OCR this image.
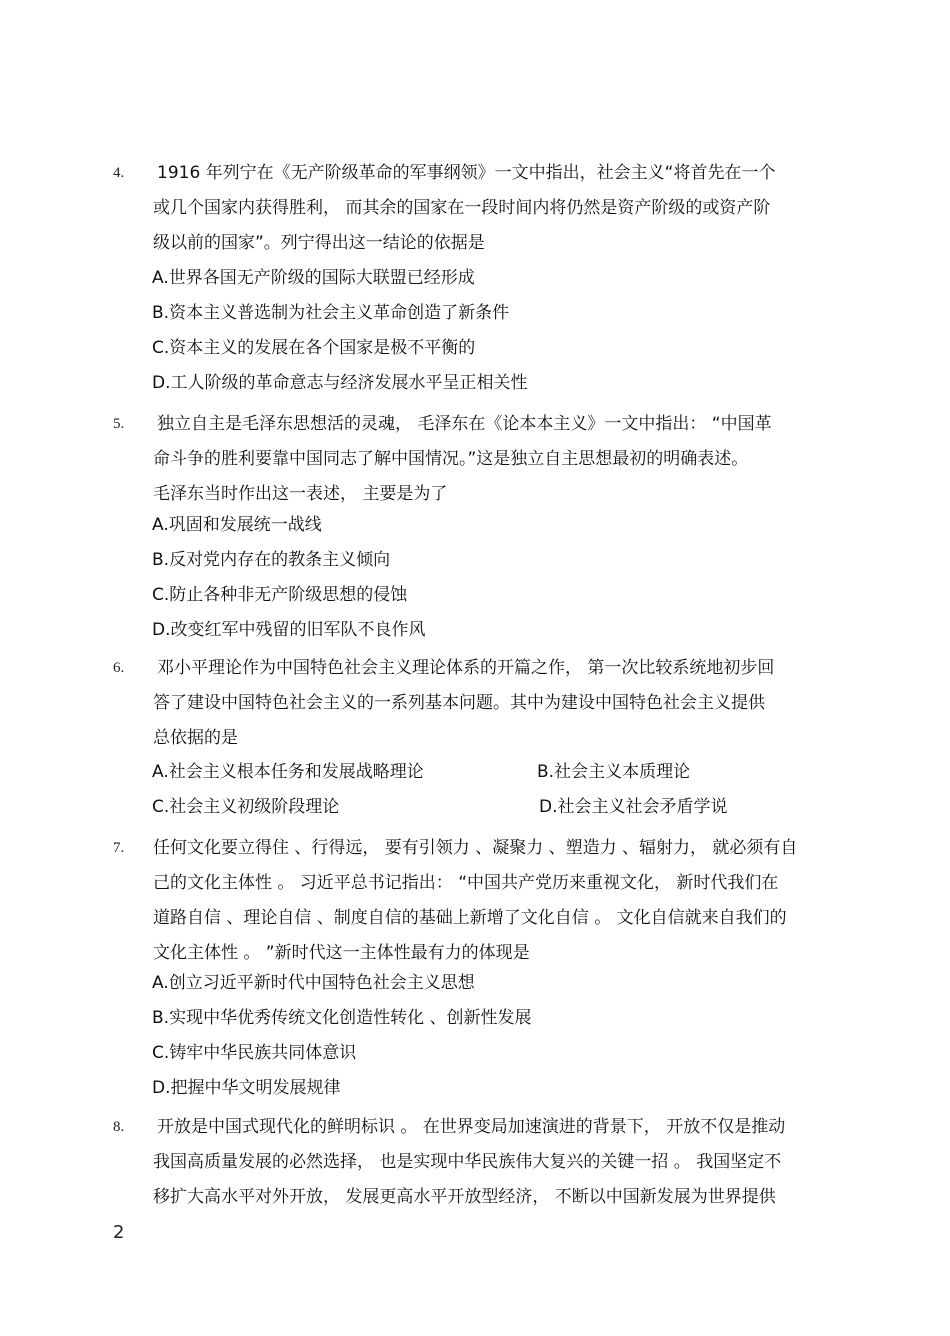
4. 1916 年列宁在《无产阶级革命的军事纲领》一文中指出，社会主义“将首先在一个
或几个国家内获得胜利， 而其余的国家在一段时间内将仍然是资产阶级的或资产阶
级以前的国家”。列宁得出这一结论的依据是

A.世界各国无产阶级的国际大联盟已经形成
B.资本主义普选制为社会主义革命创造了新条件
C.资本主义的发展在各个国家是极不平衡的
D.工人阶级的革命意志与经济发展水平呈正相关性
5. 独立自主是毛泽东思想活的灵魂， 毛泽东在《论本本主义》一文中指出： “中国革
命斗争的胜利要靠中国同志了解中国情况。”这是独立自主思想最初的明确表述。
毛泽东当时作出这一表述， 主要是为了

A.巩固和发展统一战线
B.反对党内存在的教条主义倾向
C.防止各种非无产阶级思想的侵蚀
D.改变红军中残留的旧军队不良作风
6. 邓小平理论作为中国特色社会主义理论体系的开篇之作， 第一次比较系统地初步回
答了建设中国特色社会主义的一系列基本问题。其中为建设中国特色社会主义提供
总依据的是

A.社会主义根本任务和发展战略理论	B.社会主义本质理论
C.社会主义初级阶段理论	D.社会主义社会矛盾学说
7. 任何文化要立得住 、行得远， 要有引领力 、凝聚力 、塑造力 、辐射力， 就必须有自
己的文化主体性 。 习近平总书记指出： “中国共产党历来重视文化， 新时代我们在
道路自信 、理论自信 、制度自信的基础上新增了文化自信 。 文化自信就来自我们的
文化主体性 。 ”新时代这一主体性最有力的体现是

A.创立习近平新时代中国特色社会主义思想
B.实现中华优秀传统文化创造性转化 、创新性发展
C.铸牢中华民族共同体意识
D.把握中华文明发展规律
8. 开放是中国式现代化的鲜明标识 。 在世界变局加速演进的背景下， 开放不仅是推动
我国高质量发展的必然选择， 也是实现中华民族伟大复兴的关键一招 。 我国坚定不
移扩大高水平对外开放， 发展更高水平开放型经济， 不断以中国新发展为世界提供

2
